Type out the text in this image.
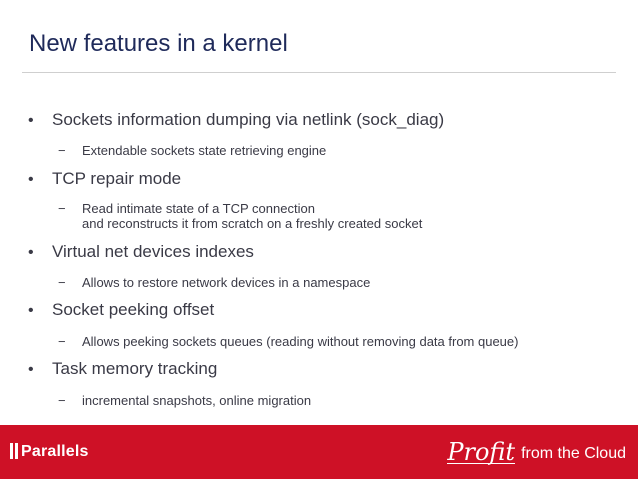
New features in a kernel
• Sockets information dumping via netlink (sock_diag)
− Extendable sockets state retrieving engine
• TCP repair mode
− Read intimate state of a TCP connection
and reconstructs it from scratch on a freshly created socket
• Virtual net devices indexes
− Allows to restore network devices in a namespace
• Socket peeking offset
− Allows peeking sockets queues (reading without removing data from queue)
• Task memory tracking
− incremental snapshots, online migration
Parallels	Profit from the Cloud
